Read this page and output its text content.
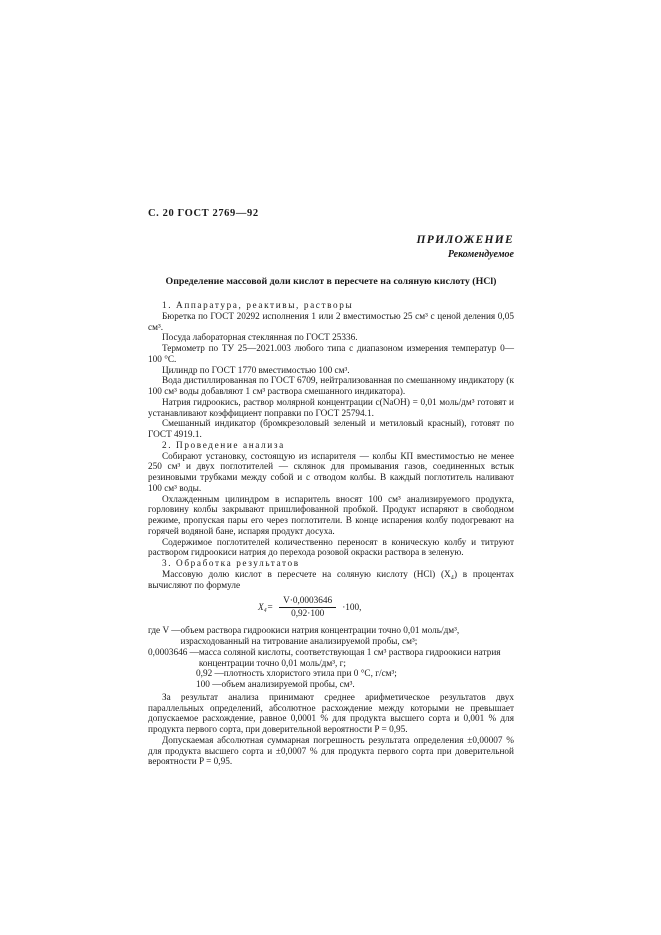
С. 20 ГОСТ 2769—92
ПРИЛОЖЕНИЕ
Рекомендуемое
Определение массовой доли кислот в пересчете на соляную кислоту (HCl)

1. Аппаратура, реактивы, растворы

Бюретка по ГОСТ 20292 исполнения 1 или 2 вместимостью 25 см³ с ценой деления 0,05 см³.

Посуда лабораторная стеклянная по ГОСТ 25336.

Термометр по ТУ 25—2021.003 любого типа с диапазоном измерения температур 0—100 °С.

Цилиндр по ГОСТ 1770 вместимостью 100 см³.

Вода дистиллированная по ГОСТ 6709, нейтрализованная по смешанному индикатору (к 100 см³ воды добавляют 1 см³ раствора смешанного индикатора).

Натрия гидроокись, раствор молярной концентрации c(NaOH) = 0,01 моль/дм³ готовят и устанавливают коэффициент поправки по ГОСТ 25794.1.

Смешанный индикатор (бромкрезоловый зеленый и метиловый красный), готовят по ГОСТ 4919.1.

2. Проведение анализа

Собирают установку, состоящую из испарителя — колбы КП вместимостью не менее 250 см³ и двух поглотителей — склянок для промывания газов, соединенных встык резиновыми трубками между собой и с отводом колбы. В каждый поглотитель наливают 100 см³ воды.

Охлажденным цилиндром в испаритель вносят 100 см³ анализируемого продукта, горловину колбы закрывают пришлифованной пробкой. Продукт испаряют в свободном режиме, пропуская пары его через поглотители. В конце испарения колбу подогревают на горячей водяной бане, испаряя продукт досуха.

Содержимое поглотителей количественно переносят в коническую колбу и титруют раствором гидроокиси натрия до перехода розовой окраски раствора в зеленую.

3. Обработка результатов

Массовую долю кислот в пересчете на соляную кислоту (HCl) (X₄) в процентах вычисляют по формуле

$X_4= \frac{V\cdot 0,0003646}{0,92\cdot 100} \cdot 100$,
где V — объем раствора гидроокиси натрия концентрации точно 0,01 моль/дм³, израсходованный на титрование анализируемой пробы, см³;
0,0003646 — масса соляной кислоты, соответствующая 1 см³ раствора гидроокиси натрия концентрации точно 0,01 моль/дм³, г;
0,92 — плотность хлористого этила при 0 °С, г/см³;
100 — объем анализируемой пробы, см³.

За результат анализа принимают среднее арифметическое результатов двух параллельных определений, абсолютное расхождение между которыми не превышает допускаемое расхождение, равное 0,0001 % для продукта высшего сорта и 0,001 % для продукта первого сорта, при доверительной вероятности P = 0,95.

Допускаемая абсолютная суммарная погрешность результата определения ±0,00007 % для продукта высшего сорта и ±0,0007 % для продукта первого сорта при доверительной вероятности P = 0,95.
